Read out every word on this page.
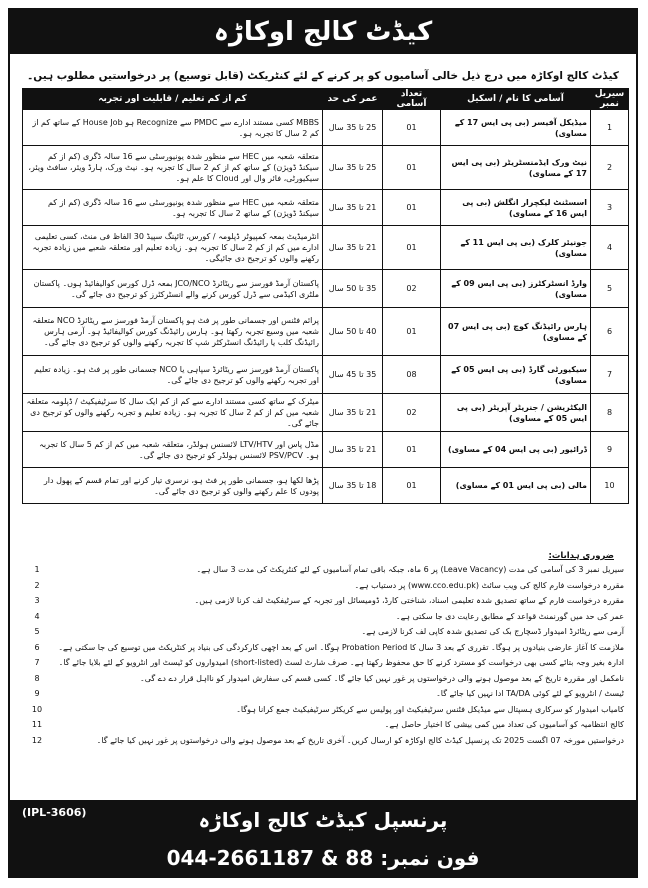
کیڈٹ کالج اوکاڑہ
کیڈٹ کالج اوکاڑہ میں درج ذیل خالی آسامیوں کو پر کرنے کے لئے کنٹریکٹ (قابل توسیع) پر درخواستیں مطلوب ہیں۔
سیریل نمبر	آسامی کا نام / اسکیل	تعداد آسامی	عمر کی حد	کم از کم تعلیم / قابلیت اور تجربہ
1	میڈیکل آفیسر (بی پی ایس 17 کے مساوی)	01	25 تا 35 سال	MBBS کسی مستند ادارے سے PMDC سے Recognize ہو House Job کے ساتھ کم از کم 2 سال کا تجربہ ہو۔
2	نیٹ ورک ایڈمنسٹریٹر (بی پی ایس 17 کے مساوی)	01	25 تا 35 سال	متعلقہ شعبہ میں HEC سے منظور شدہ یونیورسٹی سے 16 سالہ ڈگری (کم از کم سیکنڈ ڈویژن) کے ساتھ کم از کم 2 سال کا تجربہ ہو۔ نیٹ ورک، ہارڈ ویئر، سافٹ ویئر، سیکیورٹی، فائر وال اور Cloud کا علم ہو۔
3	اسسٹنٹ لیکچرار انگلش (بی پی ایس 16 کے مساوی)	01	21 تا 35 سال	متعلقہ شعبہ میں HEC سے منظور شدہ یونیورسٹی سے 16 سالہ ڈگری (کم از کم سیکنڈ ڈویژن) کے ساتھ 2 سال کا تجربہ ہو۔
4	جونیئر کلرک (بی پی ایس 11 کے مساوی)	01	21 تا 35 سال	انٹرمیڈیٹ بمعہ کمپیوٹر ڈپلومہ / کورس، ٹائپنگ سپیڈ 30 الفاظ فی منٹ، کسی تعلیمی ادارے میں کم از کم 2 سال کا تجربہ ہو۔ زیادہ تعلیم اور متعلقہ شعبے میں زیادہ تجربہ رکھنے والوں کو ترجیح دی جائیگی۔
5	وارڈ انسٹرکٹرز (بی پی ایس 09 کے مساوی)	02	35 تا 50 سال	پاکستان آرمڈ فورسز سے ریٹائرڈ JCO/NCO بمعہ ڈرل کورس کوالیفائیڈ ہوں۔ پاکستان ملٹری اکیڈمی سے ڈرل کورس کرنے والے انسٹرکٹرز کو ترجیح دی جائے گی۔
6	ہارس رائیڈنگ کوچ (بی پی ایس 07 کے مساوی)	01	40 تا 50 سال	پرائم فٹنس اور جسمانی طور پر فٹ ہو پاکستان آرمڈ فورسز سے ریٹائرڈ NCO متعلقہ شعبہ میں وسیع تجربہ رکھتا ہو۔ ہارس رائیڈنگ کورس کوالیفائیڈ ہو۔ آرمی ہارس رائیڈنگ کلب یا رائیڈنگ انسٹرکٹر شپ کا تجربہ رکھنے والوں کو ترجیح دی جائے گی۔
7	سیکیورٹی گارڈ (بی پی ایس 05 کے مساوی)	08	35 تا 45 سال	پاکستان آرمڈ فورسز سے ریٹائرڈ سپاہی یا NCO جسمانی طور پر فٹ ہو۔ زیادہ تعلیم اور تجربہ رکھنے والوں کو ترجیح دی جائے گی۔
8	الیکٹریشن / جنریٹر آپریٹر (بی پی ایس 05 کے مساوی)	02	21 تا 35 سال	میٹرک کے ساتھ کسی مستند ادارے سے کم از کم ایک سال کا سرٹیفیکیٹ / ڈپلومہ متعلقہ شعبہ میں کم از کم 2 سال کا تجربہ ہو۔ زیادہ تعلیم و تجربہ رکھنے والوں کو ترجیح دی جائے گی۔
9	ڈرائیور (بی پی ایس 04 کے مساوی)	01	21 تا 35 سال	مڈل پاس اور LTV/HTV لائسنس ہولڈر، متعلقہ شعبہ میں کم از کم 5 سال کا تجربہ ہو۔ PSV/PCV لائسنس ہولڈر کو ترجیح دی جائے گی۔
10	مالی (بی پی ایس 01 کے مساوی)	01	18 تا 35 سال	پڑھا لکھا ہو، جسمانی طور پر فٹ ہو، نرسری تیار کرنے اور تمام قسم کے پھول دار پودوں کا علم رکھنے والوں کو ترجیح دی جائے گی۔
ضروری ہدایات:
سیریل نمبر 3 کی آسامی کی مدت (Leave Vacancy) پر 6 ماہ، جبکہ باقی تمام آسامیوں کے لئے کنٹریکٹ کی مدت 3 سال ہے۔
1
مقررہ درخواست فارم کالج کی ویب سائٹ (www.cco.edu.pk) پر دستیاب ہے۔
2
مقررہ درخواست فارم کے ساتھ تصدیق شدہ تعلیمی اسناد، شناختی کارڈ، ڈومیسائل اور تجربہ کے سرٹیفکیٹ لف کرنا لازمی ہیں۔
3
عمر کی حد میں گورنمنٹ قواعد کے مطابق رعایت دی جا سکتی ہے۔
4
آرمی سے ریٹائرڈ امیدوار ڈسچارج بک کی تصدیق شدہ کاپی لف کرنا لازمی ہے۔
5
ملازمت کا آغاز عارضی بنیادوں پر ہوگا۔ تقرری کے بعد 3 سال کا Probation Period ہوگا۔ اس کے بعد اچھی کارکردگی کی بنیاد پر کنٹریکٹ میں توسیع کی جا سکتی ہے۔
6
ادارہ بغیر وجہ بتائے کسی بھی درخواست کو مسترد کرنے کا حق محفوظ رکھتا ہے۔ صرف شارٹ لسٹ (short-listed) امیدواروں کو ٹیسٹ اور انٹرویو کے لئے بلایا جائے گا۔
7
نامکمل اور مقررہ تاریخ کے بعد موصول ہونے والی درخواستوں پر غور نہیں کیا جائے گا۔ کسی قسم کی سفارش امیدوار کو نااہل قرار دے دے گی۔
8
ٹیسٹ / انٹرویو کے لئے کوئی TA/DA ادا نہیں کیا جائے گا۔
9
کامیاب امیدوار کو سرکاری ہسپتال سے میڈیکل فٹنس سرٹیفیکیٹ اور پولیس سے کریکٹر سرٹیفیکیٹ جمع کرانا ہوگا۔
10
کالج انتظامیہ کو آسامیوں کی تعداد میں کمی بیشی کا اختیار حاصل ہے۔
11
درخواستیں مورخہ 07 اگست 2025 تک پرنسپل کیڈٹ کالج اوکاڑہ کو ارسال کریں۔ آخری تاریخ کے بعد موصول ہونے والی درخواستوں پر غور نہیں کیا جائے گا۔
12
(IPL-3606)	پرنسپل کیڈٹ کالج اوکاڑہ
فون نمبر: 044-2661187 & 88
